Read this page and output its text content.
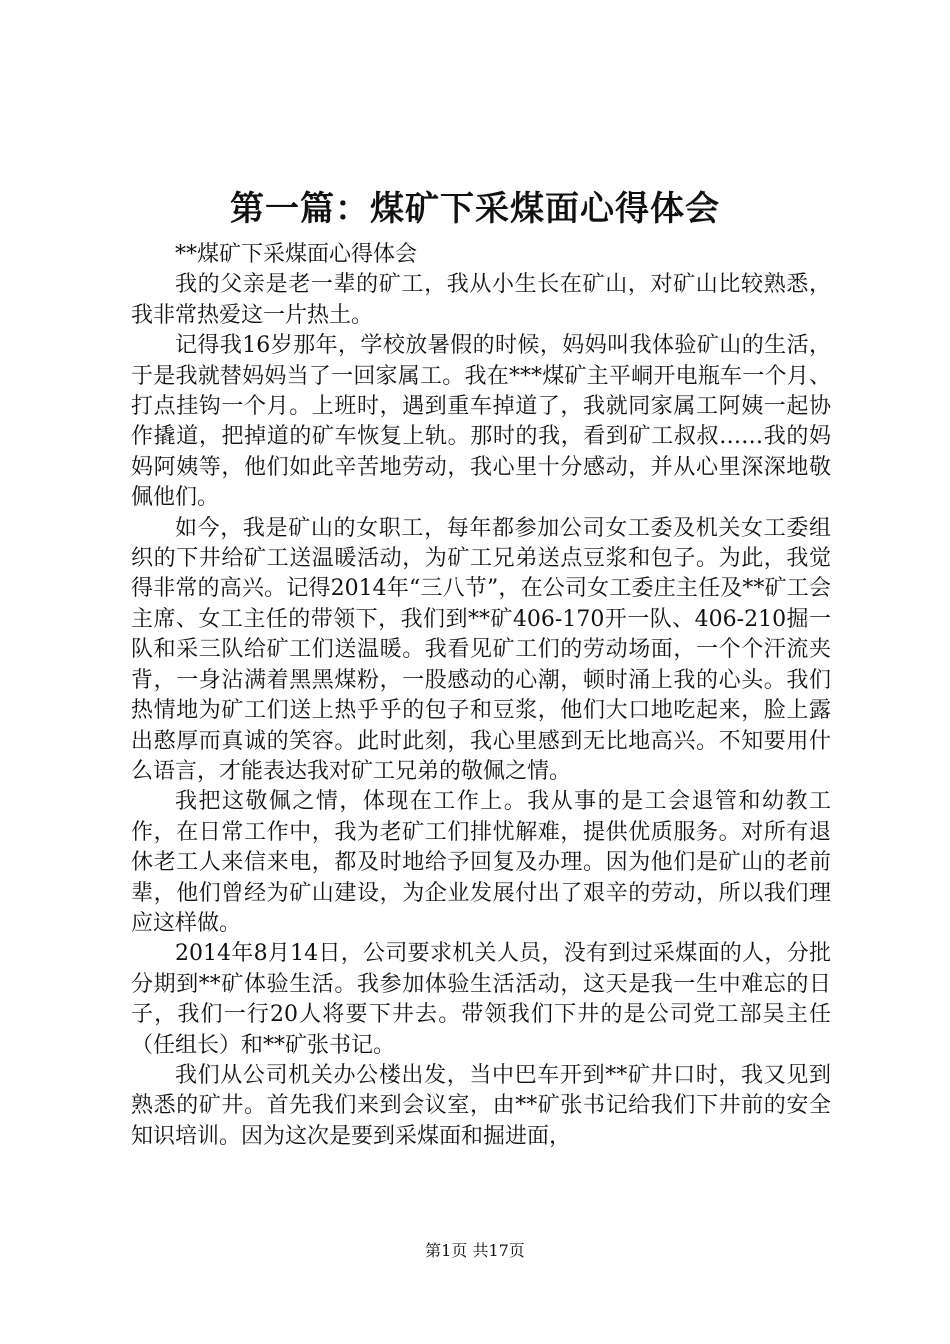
第一篇：煤矿下采煤面心得体会

**煤矿下采煤面心得体会

我的父亲是老一辈的矿工，我从小生长在矿山，对矿山比较熟悉，我非常热爱这一片热土。

记得我16岁那年，学校放暑假的时候，妈妈叫我体验矿山的生活，于是我就替妈妈当了一回家属工。我在***煤矿主平峒开电瓶车一个月、打点挂钩一个月。上班时，遇到重车掉道了，我就同家属工阿姨一起协作撬道，把掉道的矿车恢复上轨。那时的我，看到矿工叔叔……我的妈妈阿姨等，他们如此辛苦地劳动，我心里十分感动，并从心里深深地敬佩他们。

如今，我是矿山的女职工，每年都参加公司女工委及机关女工委组织的下井给矿工送温暖活动，为矿工兄弟送点豆浆和包子。为此，我觉得非常的高兴。记得2014年“三八节”，在公司女工委庄主任及**矿工会主席、女工主任的带领下，我们到**矿406-170开一队、406-210掘一队和采三队给矿工们送温暖。我看见矿工们的劳动场面，一个个汗流夹背，一身沾满着黑黑煤粉，一股感动的心潮，顿时涌上我的心头。我们热情地为矿工们送上热乎乎的包子和豆浆，他们大口地吃起来，脸上露出憨厚而真诚的笑容。此时此刻，我心里感到无比地高兴。不知要用什么语言，才能表达我对矿工兄弟的敬佩之情。

我把这敬佩之情，体现在工作上。我从事的是工会退管和幼教工作，在日常工作中，我为老矿工们排忧解难，提供优质服务。对所有退休老工人来信来电，都及时地给予回复及办理。因为他们是矿山的老前辈，他们曾经为矿山建设，为企业发展付出了艰辛的劳动，所以我们理应这样做。

2014年8月14日，公司要求机关人员，没有到过采煤面的人，分批分期到**矿体验生活。我参加体验生活活动，这天是我一生中难忘的日子，我们一行20人将要下井去。带领我们下井的是公司党工部吴主任（任组长）和**矿张书记。

我们从公司机关办公楼出发，当中巴车开到**矿井口时，我又见到熟悉的矿井。首先我们来到会议室，由**矿张书记给我们下井前的安全知识培训。因为这次是要到采煤面和掘进面，

第1页 共17页
